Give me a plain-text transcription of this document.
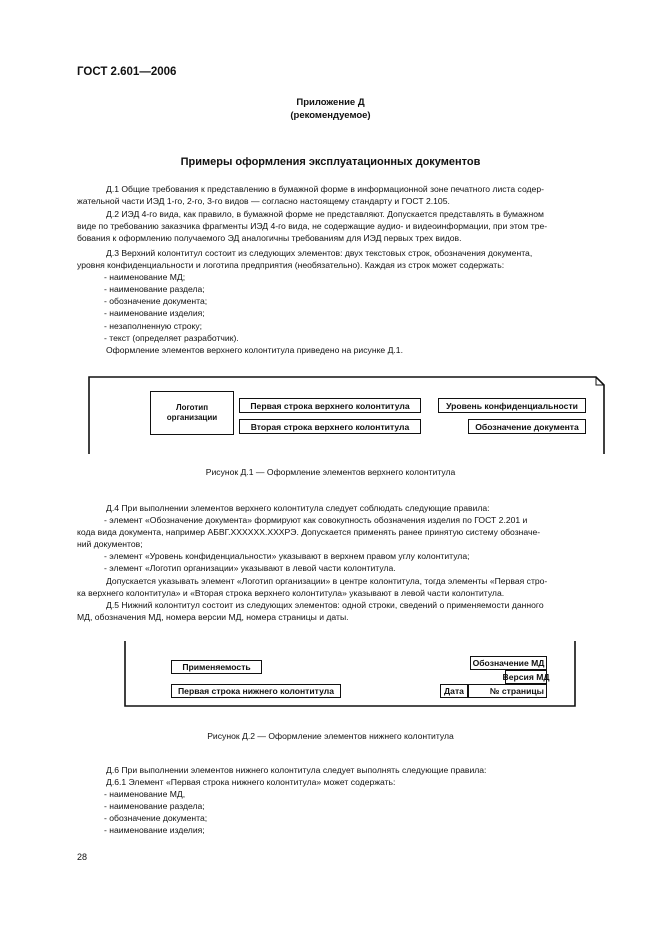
ГОСТ 2.601—2006
Приложение Д
(рекомендуемое)
Примеры оформления эксплуатационных документов
Д.1 Общие требования к представлению в бумажной форме в информационной зоне печатного листа содер-
жательной части ИЭД 1-го, 2-го, 3-го видов — согласно настоящему стандарту и ГОСТ 2.105.
Д.2 ИЭД 4-го вида, как правило, в бумажной форме не представляют. Допускается представлять в бумажном
виде по требованию заказчика фрагменты ИЭД 4-го вида, не содержащие аудио- и видеоинформации, при этом тре-
бования к оформлению получаемого ЭД аналогичны требованиям для ИЭД первых трех видов.
Д.3 Верхний колонтитул состоит из следующих элементов: двух текстовых строк, обозначения документа,
уровня конфиденциальности и логотипа предприятия (необязательно). Каждая из строк может содержать:
- наименование МД;
- наименование раздела;
- обозначение документа;
- наименование изделия;
- незаполненную строку;
- текст (определяет разработчик).
Оформление элементов верхнего колонтитула приведено на рисунке Д.1.
Логотип
организации
Первая строка верхнего колонтитула
Вторая строка верхнего колонтитула
Уровень конфиденциальности
Обозначение документа
Рисунок Д.1 — Оформление элементов верхнего колонтитула
Д.4 При выполнении элементов верхнего колонтитула следует соблюдать следующие правила:
- элемент «Обозначение документа» формируют как совокупность обозначения изделия по ГОСТ 2.201 и
кода вида документа, например АБВГ.XXXXXX.XXXРЭ. Допускается применять ранее принятую систему обозначе-
ний документов;
- элемент «Уровень конфиденциальности» указывают в верхнем правом углу колонтитула;
- элемент «Логотип организации» указывают в левой части колонтитула.
Допускается указывать элемент «Логотип организации» в центре колонтитула, тогда элементы «Первая стро-
ка верхнего колонтитула» и «Вторая строка верхнего колонтитула» указывают в левой части колонтитула.
Д.5 Нижний колонтитул состоит из следующих элементов: одной строки, сведений о применяемости данного
МД, обозначения МД, номера версии МД, номера страницы и даты.
Применяемость
Первая строка нижнего колонтитула
Обозначение МД
Версия МД
Дата	№ страницы
Рисунок Д.2 — Оформление элементов нижнего колонтитула
Д.6 При выполнении элементов нижнего колонтитула следует выполнять следующие правила:
Д.6.1 Элемент «Первая строка нижнего колонтитула» может содержать:
- наименование МД,
- наименование раздела;
- обозначение документа;
- наименование изделия;
28
